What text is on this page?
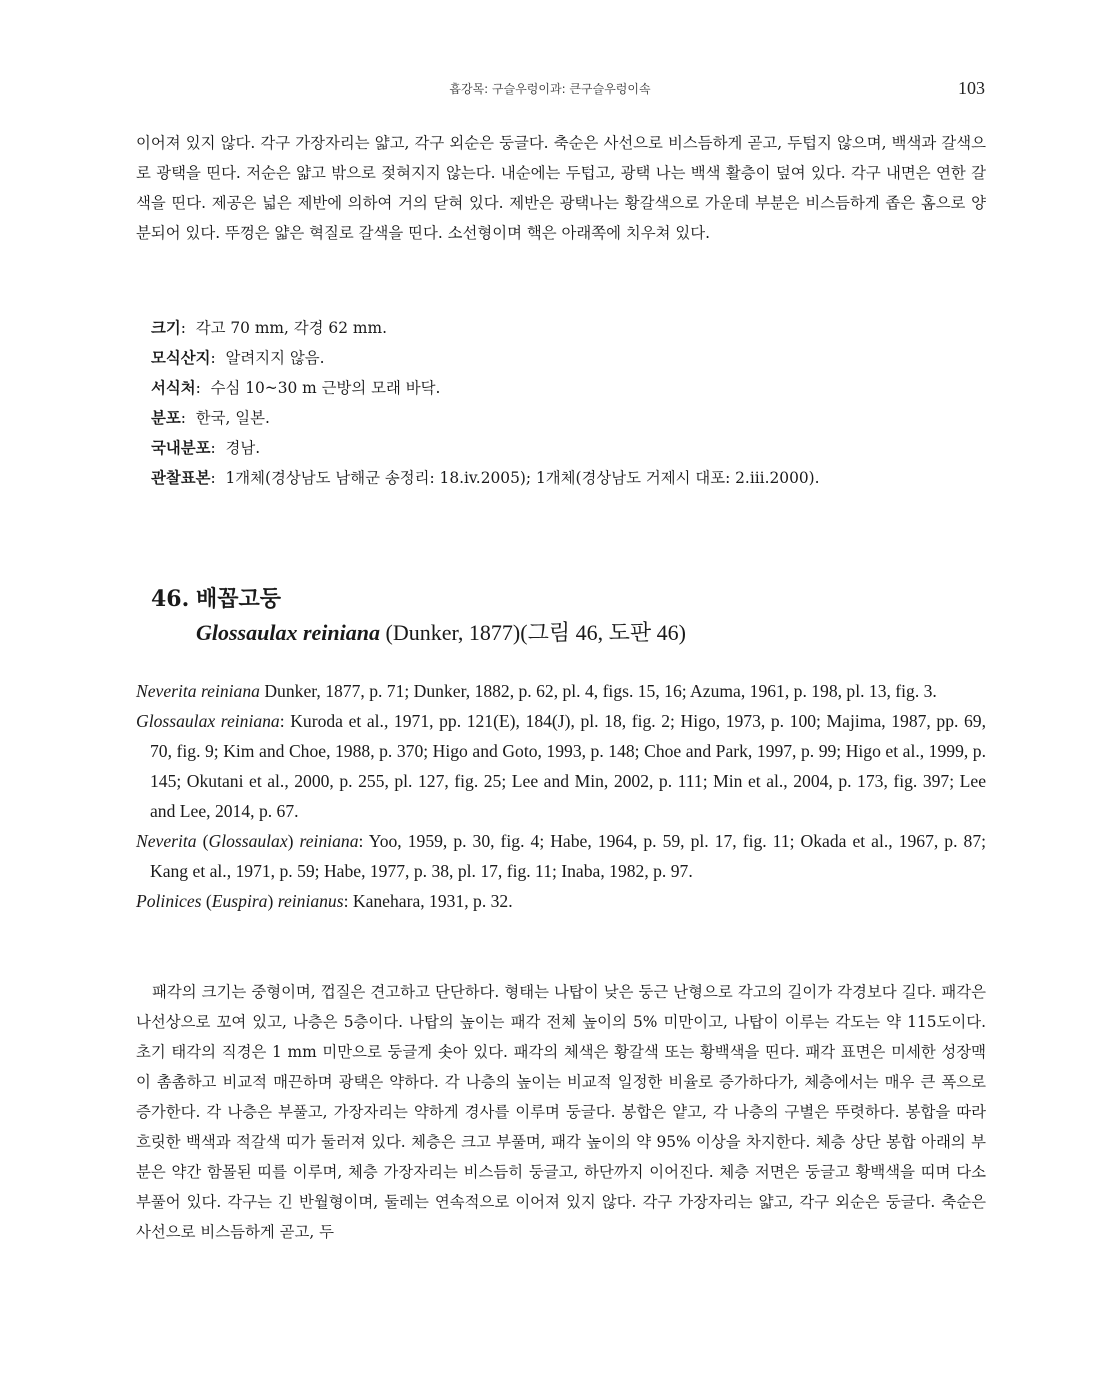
흡강목: 구슬우렁이과: 큰구슬우렁이속	103

이어져 있지 않다. 각구 가장자리는 얇고, 각구 외순은 둥글다. 축순은 사선으로 비스듬하게 곧고, 두텁지 않으며, 백색과 갈색으로 광택을 띤다. 저순은 얇고 밖으로 젖혀지지 않는다. 내순에는 두텁고, 광택 나는 백색 활층이 덮여 있다. 각구 내면은 연한 갈색을 띤다. 제공은 넓은 제반에 의하여 거의 닫혀 있다. 제반은 광택나는 황갈색으로 가운데 부분은 비스듬하게 좁은 홈으로 양분되어 있다. 뚜껑은 얇은 혁질로 갈색을 띤다. 소선형이며 핵은 아래쪽에 치우쳐 있다.

크기:  각고 70 mm, 각경 62 mm.
모식산지:  알려지지 않음.
서식처:  수심 10~30 m 근방의 모래 바닥.
분포:  한국, 일본.
국내분포:  경남.
관찰표본:  1개체(경상남도 남해군 송정리: 18.iv.2005); 1개체(경상남도 거제시 대포: 2.iii.2000).
46. 배꼽고둥
Glossaulax reiniana (Dunker, 1877)(그림 46, 도판 46)

Neverita reiniana Dunker, 1877, p. 71; Dunker, 1882, p. 62, pl. 4, figs. 15, 16; Azuma, 1961, p. 198, pl. 13, fig. 3.

Glossaulax reiniana: Kuroda et al., 1971, pp. 121(E), 184(J), pl. 18, fig. 2; Higo, 1973, p. 100; Majima, 1987, pp. 69, 70, fig. 9; Kim and Choe, 1988, p. 370; Higo and Goto, 1993, p. 148; Choe and Park, 1997, p. 99; Higo et al., 1999, p. 145; Okutani et al., 2000, p. 255, pl. 127, fig. 25; Lee and Min, 2002, p. 111; Min et al., 2004, p. 173, fig. 397; Lee and Lee, 2014, p. 67.

Neverita (Glossaulax) reiniana: Yoo, 1959, p. 30, fig. 4; Habe, 1964, p. 59, pl. 17, fig. 11; Okada et al., 1967, p. 87; Kang et al., 1971, p. 59; Habe, 1977, p. 38, pl. 17, fig. 11; Inaba, 1982, p. 97.

Polinices (Euspira) reinianus: Kanehara, 1931, p. 32.

패각의 크기는 중형이며, 껍질은 견고하고 단단하다. 형태는 나탑이 낮은 둥근 난형으로 각고의 길이가 각경보다 길다. 패각은 나선상으로 꼬여 있고, 나층은 5층이다. 나탑의 높이는 패각 전체 높이의 5% 미만이고, 나탑이 이루는 각도는 약 115도이다. 초기 태각의 직경은 1 mm 미만으로 둥글게 솟아 있다. 패각의 체색은 황갈색 또는 황백색을 띤다. 패각 표면은 미세한 성장맥이 촘촘하고 비교적 매끈하며 광택은 약하다. 각 나층의 높이는 비교적 일정한 비율로 증가하다가, 체층에서는 매우 큰 폭으로 증가한다. 각 나층은 부풀고, 가장자리는 약하게 경사를 이루며 둥글다. 봉합은 얕고, 각 나층의 구별은 뚜렷하다. 봉합을 따라 흐릿한 백색과 적갈색 띠가 둘러져 있다. 체층은 크고 부풀며, 패각 높이의 약 95% 이상을 차지한다. 체층 상단 봉합 아래의 부분은 약간 함몰된 띠를 이루며, 체층 가장자리는 비스듬히 둥글고, 하단까지 이어진다. 체층 저면은 둥글고 황백색을 띠며 다소 부풀어 있다. 각구는 긴 반월형이며, 둘레는 연속적으로 이어져 있지 않다. 각구 가장자리는 얇고, 각구 외순은 둥글다. 축순은 사선으로 비스듬하게 곧고, 두
